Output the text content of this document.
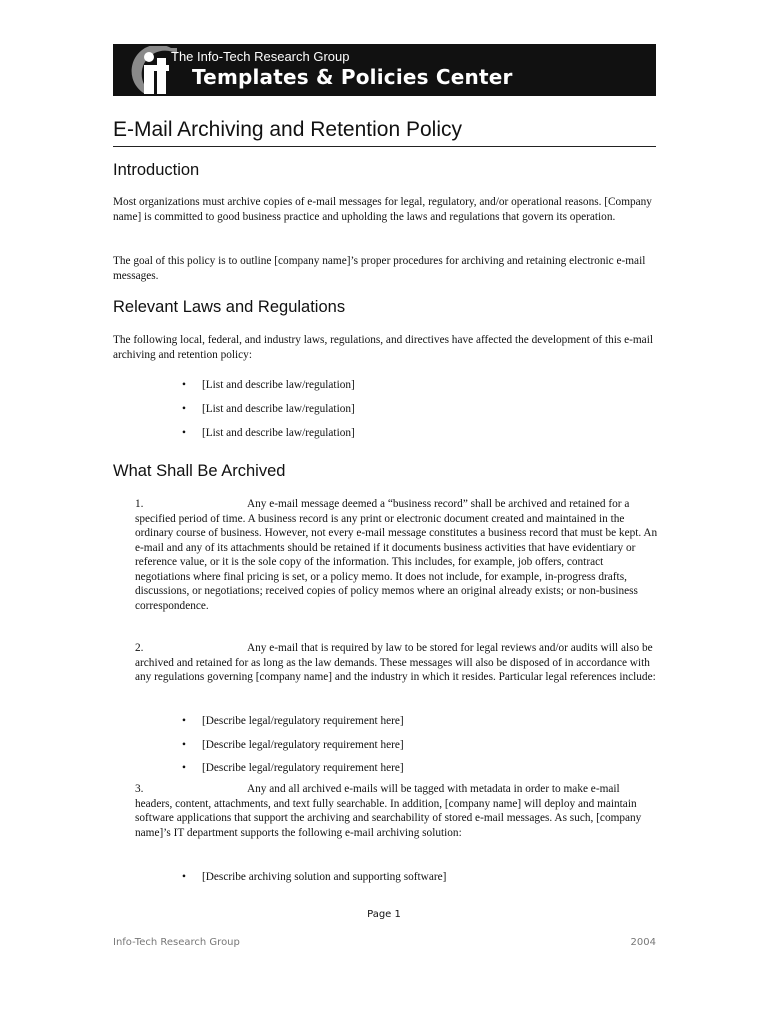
The Info-Tech Research Group
Templates & Policies Center
E-Mail Archiving and Retention Policy
Introduction

Most organizations must archive copies of e-mail messages for legal, regulatory, and/or operational reasons. [Company name] is committed to good business practice and upholding the laws and regulations that govern its operation.

The goal of this policy is to outline [company name]’s proper procedures for archiving and retaining electronic e-mail messages.

Relevant Laws and Regulations

The following local, federal, and industry laws, regulations, and directives have affected the development of this e-mail archiving and retention policy:

• [List and describe law/regulation]
• [List and describe law/regulation]
• [List and describe law/regulation]
What Shall Be Archived

1.	Any e-mail message deemed a “business record” shall be archived and retained for a specified period of time. A business record is any print or electronic document created and maintained in the ordinary course of business. However, not every e-mail message constitutes a business record that must be kept. An e-mail and any of its attachments should be retained if it documents business activities that have evidentiary or reference value, or it is the sole copy of the information. This includes, for example, job offers, contract negotiations where final pricing is set, or a policy memo. It does not include, for example, in-progress drafts, discussions, or negotiations; received copies of policy memos where an original already exists; or non-business correspondence.

2.	Any e-mail that is required by law to be stored for legal reviews and/or audits will also be archived and retained for as long as the law demands. These messages will also be disposed of in accordance with any regulations governing [company name] and the industry in which it resides. Particular legal references include:

• [Describe legal/regulatory requirement here]
• [Describe legal/regulatory requirement here]
• [Describe legal/regulatory requirement here]

3.	Any and all archived e-mails will be tagged with metadata in order to make e-mail headers, content, attachments, and text fully searchable. In addition, [company name] will deploy and maintain software applications that support the archiving and searchability of stored e-mail messages. As such, [company name]’s IT department supports the following e-mail archiving solution:

• [Describe archiving solution and supporting software]
Page 1
Info-Tech Research Group	2004
